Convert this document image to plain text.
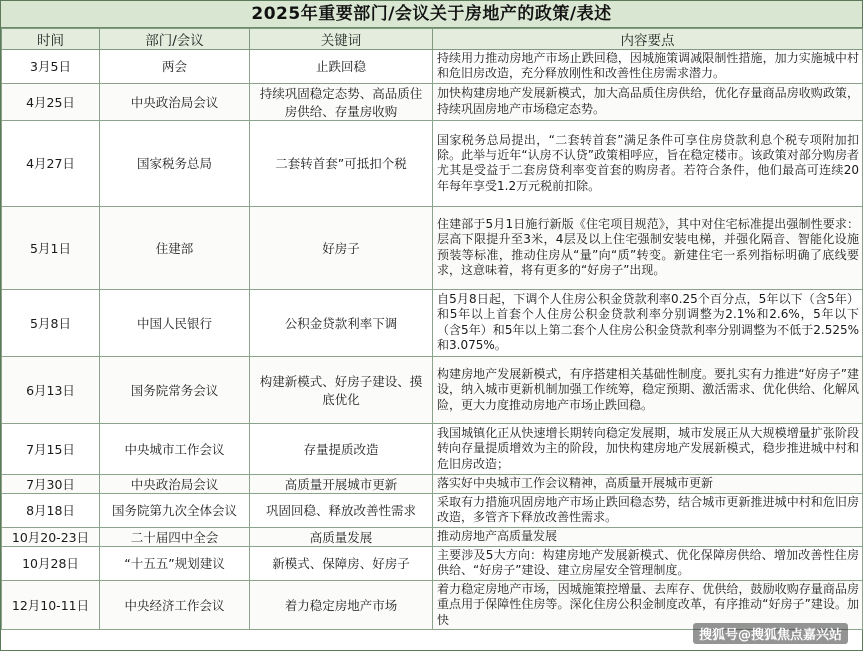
2025年重要部门/会议关于房地产的政策/表述
时间	部门/会议	关键词	内容要点
3月5日	两会	止跌回稳	持续用力推动房地产市场止跌回稳，因城施策调减限制性措施，加力实施城中村和危旧房改造，充分释放刚性和改善性住房需求潜力。
4月25日	中央政治局会议	持续巩固稳定态势、高品质住房供给、存量房收购	加快构建房地产发展新模式，加大高品质住房供给，优化存量商品房收购政策，持续巩固房地产市场稳定态势。
4月27日	国家税务总局	二套转首套”可抵扣个税	国家税务总局提出，“二套转首套”满足条件可享住房贷款利息个税专项附加扣除。此举与近年“认房不认贷”政策相呼应，旨在稳定楼市。该政策对部分购房者尤其是受益于二套房贷利率变首套的购房者。若符合条件，他们最高可连续20年每年享受1.2万元税前扣除。
5月1日	住建部	好房子	住建部于5月1日施行新版《住宅项目规范》，其中对住宅标准提出强制性要求：层高下限提升至3米，4层及以上住宅强制安装电梯，并强化隔音、智能化设施预装等标准，推动住房从“量”向“质”转变。新建住宅一系列指标明确了底线要求，这意味着，将有更多的“好房子”出现。
5月8日	中国人民银行	公积金贷款利率下调	自5月8日起，下调个人住房公积金贷款利率0.25个百分点，5年以下（含5年）和5年以上首套个人住房公积金贷款利率分别调整为2.1%和2.6%，5年以下（含5年）和5年以上第二套个人住房公积金贷款利率分别调整为不低于2.525%和3.075%。
6月13日	国务院常务会议	构建新模式、好房子建设、摸底优化	构建房地产发展新模式，有序搭建相关基础性制度。要扎实有力推进“好房子”建设，纳入城市更新机制加强工作统筹，稳定预期、激活需求、优化供给、化解风险，更大力度推动房地产市场止跌回稳。
7月15日	中央城市工作会议	存量提质改造	我国城镇化正从快速增长期转向稳定发展期，城市发展正从大规模增量扩张阶段转向存量提质增效为主的阶段，加快构建房地产发展新模式，稳步推进城中村和危旧房改造；
7月30日	中央政治局会议	高质量开展城市更新	落实好中央城市工作会议精神，高质量开展城市更新
8月18日	国务院第九次全体会议	巩固回稳、释放改善性需求	采取有力措施巩固房地产市场止跌回稳态势，结合城市更新推进城中村和危旧房改造，多管齐下释放改善性需求。
10月20-23日	二十届四中全会	高质量发展	推动房地产高质量发展
10月28日	“十五五”规划建议	新模式、保障房、好房子	主要涉及5大方向：构建房地产发展新模式、优化保障房供给、增加改善性住房供给、“好房子”建设、建立房屋安全管理制度。
12月10-11日	中央经济工作会议	着力稳定房地产市场	着力稳定房地产市场，因城施策控增量、去库存、优供给，鼓励收购存量商品房重点用于保障性住房等。深化住房公积金制度改革，有序推动“好房子”建设。加快
搜狐号@搜狐焦点嘉兴站
